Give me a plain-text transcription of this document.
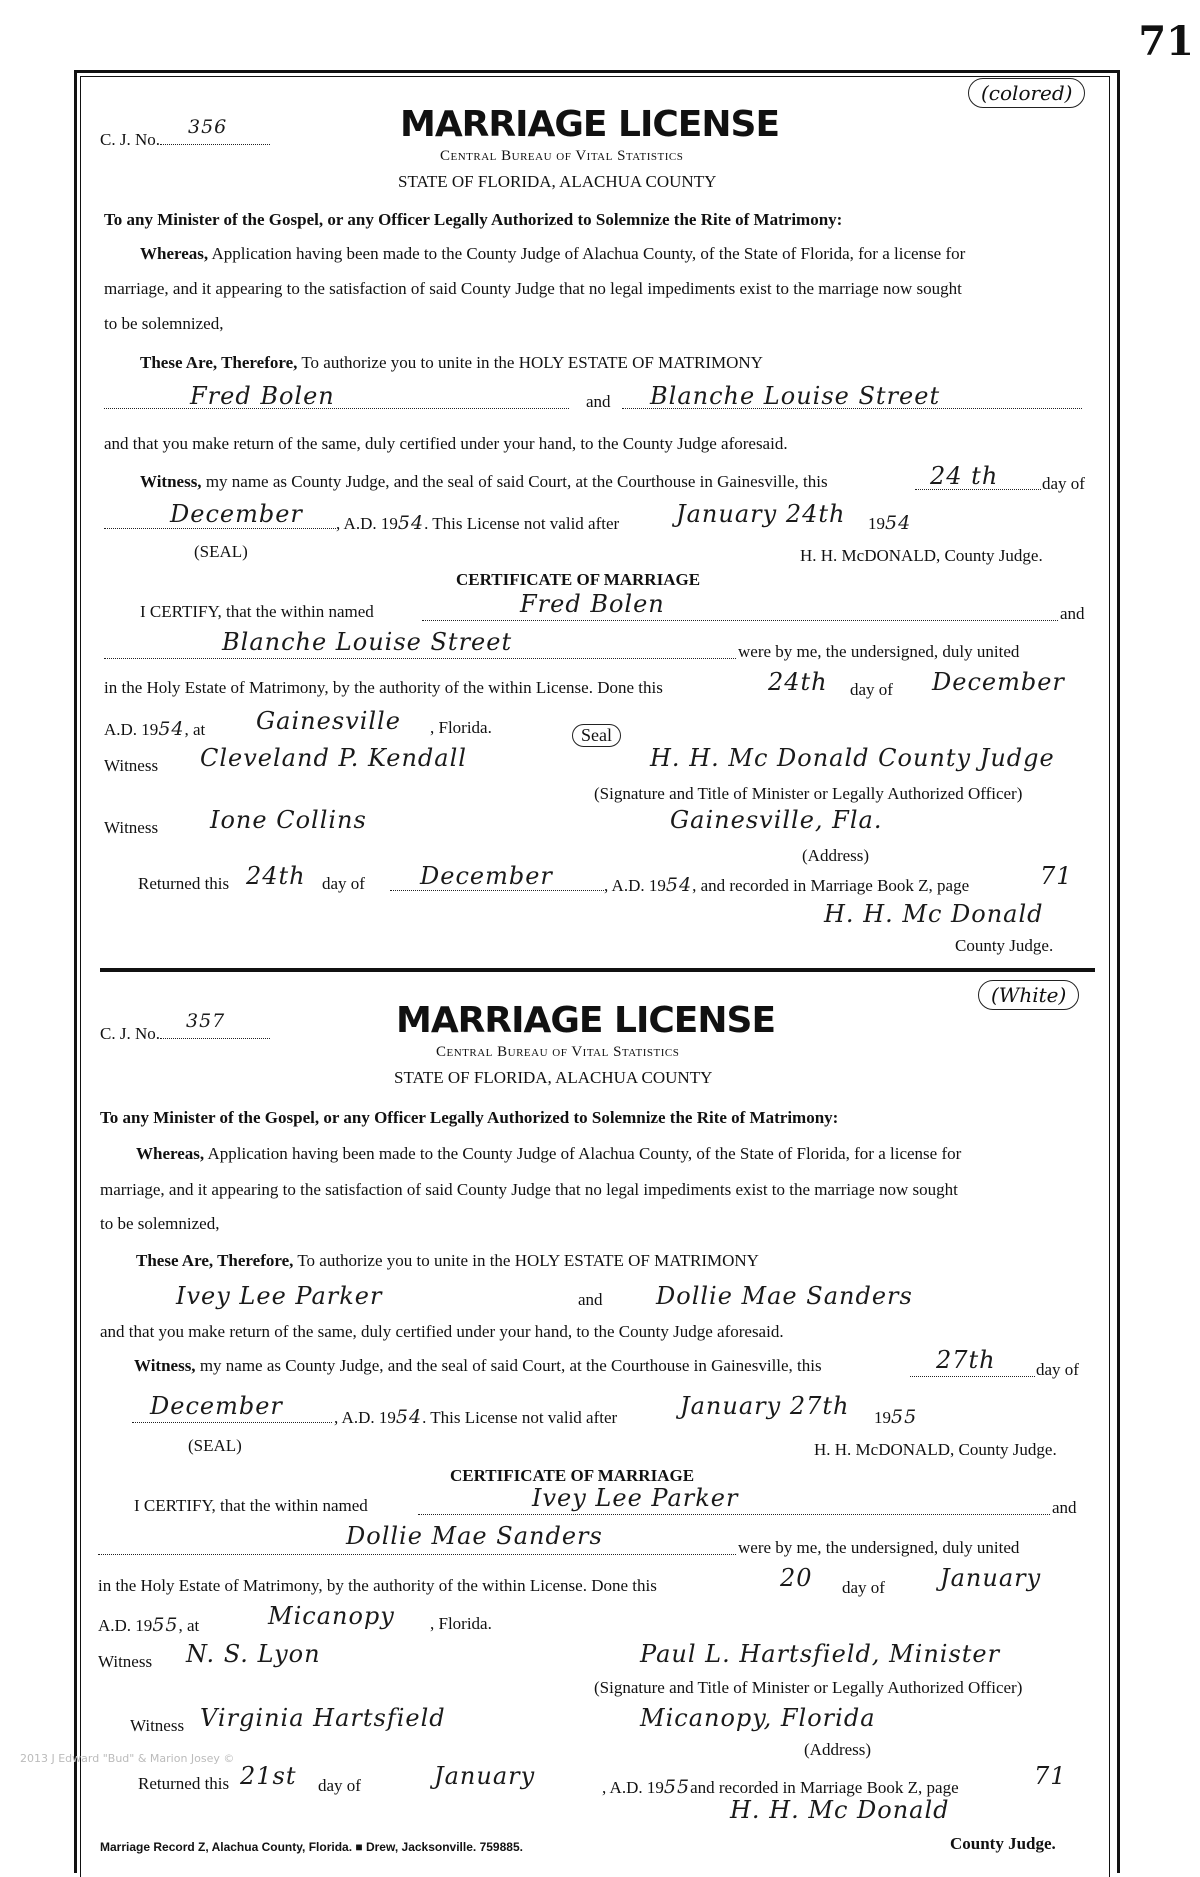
71
(colored)
C. J. No.
356	MARRIAGE LICENSE
Central Bureau of Vital Statistics
STATE OF FLORIDA, ALACHUA COUNTY
To any Minister of the Gospel, or any Officer Legally Authorized to Solemnize the Rite of Matrimony:
Whereas, Application having been made to the County Judge of Alachua County, of the State of Florida, for a license for
marriage, and it appearing to the satisfaction of said County Judge that no legal impediments exist to the marriage now sought
to be solemnized,
These Are, Therefore, To authorize you to unite in the HOLY ESTATE OF MATRIMONY
Fred Bolen	and Blanche Louise Street
and that you make return of the same, duly certified under your hand, to the County Judge aforesaid.
Witness, my name as County Judge, and the seal of said Court, at the Courthouse in Gainesville, this	24 th	day of
December , A.D. 1954. This License not valid after January 24th 1954
(SEAL)	H. H. McDONALD, County Judge.
CERTIFICATE OF MARRIAGE
I CERTIFY, that the within named	Fred Bolen	and
Blanche Louise Street	were by me, the undersigned, duly united
in the Holy Estate of Matrimony, by the authority of the within License. Done this	24th day of December
A.D. 1954, at Gainesville , Florida.
Witness Cleveland P. Kendall
Seal
H. H. Mc Donald County Judge
(Signature and Title of Minister or Legally Authorized Officer)
Witness Ione Collins	Gainesville, Fla.
(Address)
Returned this 24th day of December	, A.D. 1954, and recorded in Marriage Book Z, page	71
H. H. Mc Donald
County Judge.
(White)
C. J. No.
357	MARRIAGE LICENSE
Central Bureau of Vital Statistics
STATE OF FLORIDA, ALACHUA COUNTY
To any Minister of the Gospel, or any Officer Legally Authorized to Solemnize the Rite of Matrimony:
Whereas, Application having been made to the County Judge of Alachua County, of the State of Florida, for a license for
marriage, and it appearing to the satisfaction of said County Judge that no legal impediments exist to the marriage now sought
to be solemnized,
These Are, Therefore, To authorize you to unite in the HOLY ESTATE OF MATRIMONY
Ivey Lee Parker	and Dollie Mae Sanders
and that you make return of the same, duly certified under your hand, to the County Judge aforesaid.
Witness, my name as County Judge, and the seal of said Court, at the Courthouse in Gainesville, this	27th day of
December	, A.D. 1954. This License not valid after	January 27th 1955
(SEAL)	H. H. McDONALD, County Judge.
CERTIFICATE OF MARRIAGE
I CERTIFY, that the within named	Ivey Lee Parker	and
Dollie Mae Sanders	were by me, the undersigned, duly united
in the Holy Estate of Matrimony, by the authority of the within License. Done this	20 day of January
A.D. 1955, at	Micanopy , Florida.
Witness N. S. Lyon	Paul L. Hartsfield, Minister
(Signature and Title of Minister or Legally Authorized Officer)
Witness Virginia Hartsfield	Micanopy, Florida
(Address)
Returned this 21st day of	January	, A.D. 1955and recorded in Marriage Book Z, page	71
H. H. Mc Donald
County Judge.
2013 J Edward "Bud" & Marion Josey ©
Marriage Record Z, Alachua County, Florida. ■ Drew, Jacksonville. 759885.
